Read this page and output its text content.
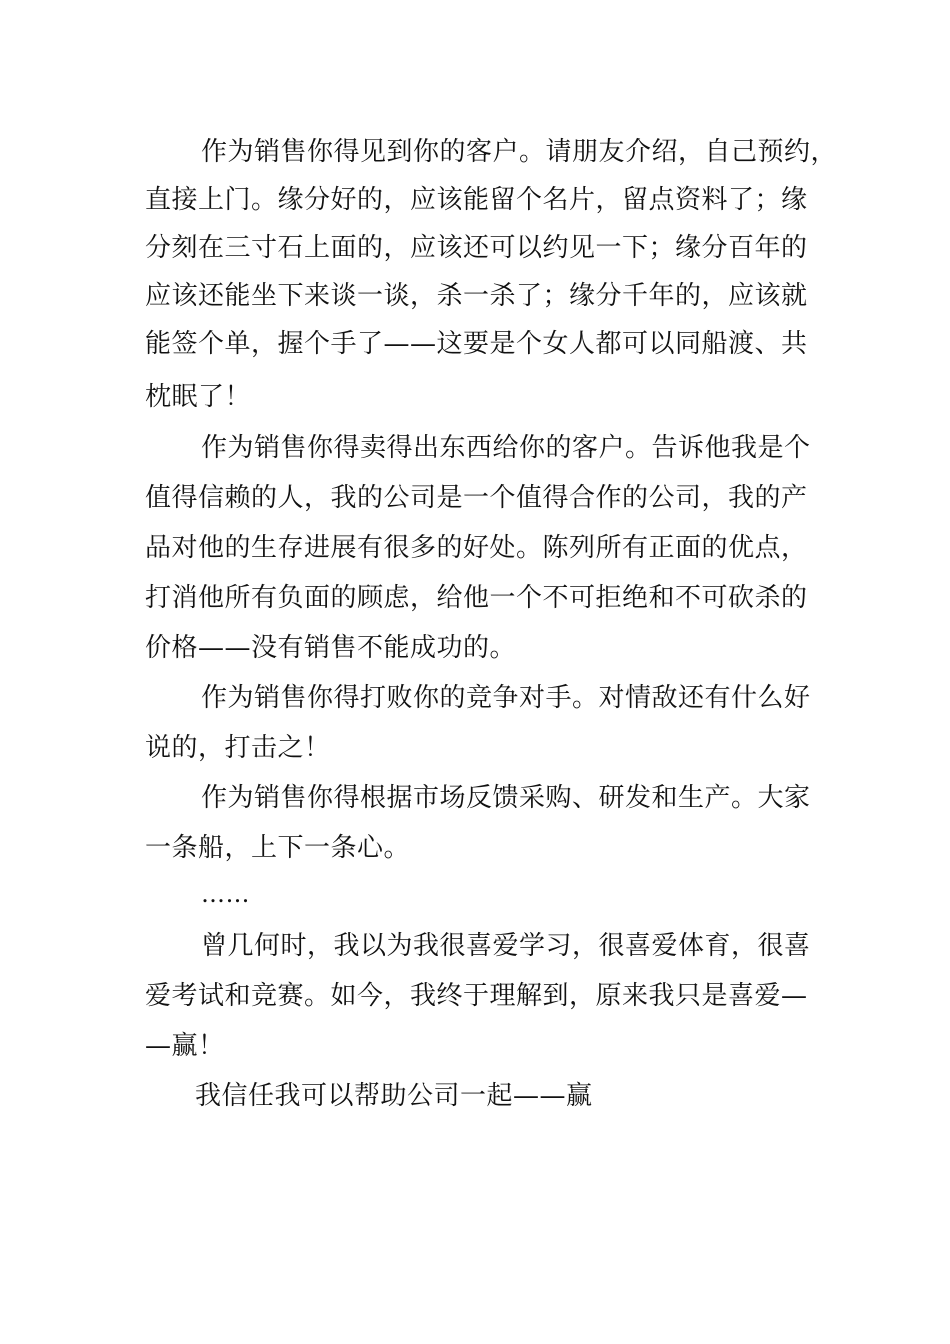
作为销售你得见到你的客户。请朋友介绍，自己预约，
直接上门。缘分好的，应该能留个名片，留点资料了；缘
分刻在三寸石上面的，应该还可以约见一下；缘分百年的
应该还能坐下来谈一谈，杀一杀了；缘分千年的，应该就
能签个单，握个手了——这要是个女人都可以同船渡、共
枕眠了！
作为销售你得卖得出东西给你的客户。告诉他我是个
值得信赖的人，我的公司是一个值得合作的公司，我的产
品对他的生存进展有很多的好处。陈列所有正面的优点，
打消他所有负面的顾虑，给他一个不可拒绝和不可砍杀的
价格——没有销售不能成功的。
作为销售你得打败你的竞争对手。对情敌还有什么好
说的，打击之！
作为销售你得根据市场反馈采购、研发和生产。大家
一条船，上下一条心。
……
曾几何时，我以为我很喜爱学习，很喜爱体育，很喜
爱考试和竞赛。如今，我终于理解到，原来我只是喜爱—
—赢！
我信任我可以帮助公司一起——赢
